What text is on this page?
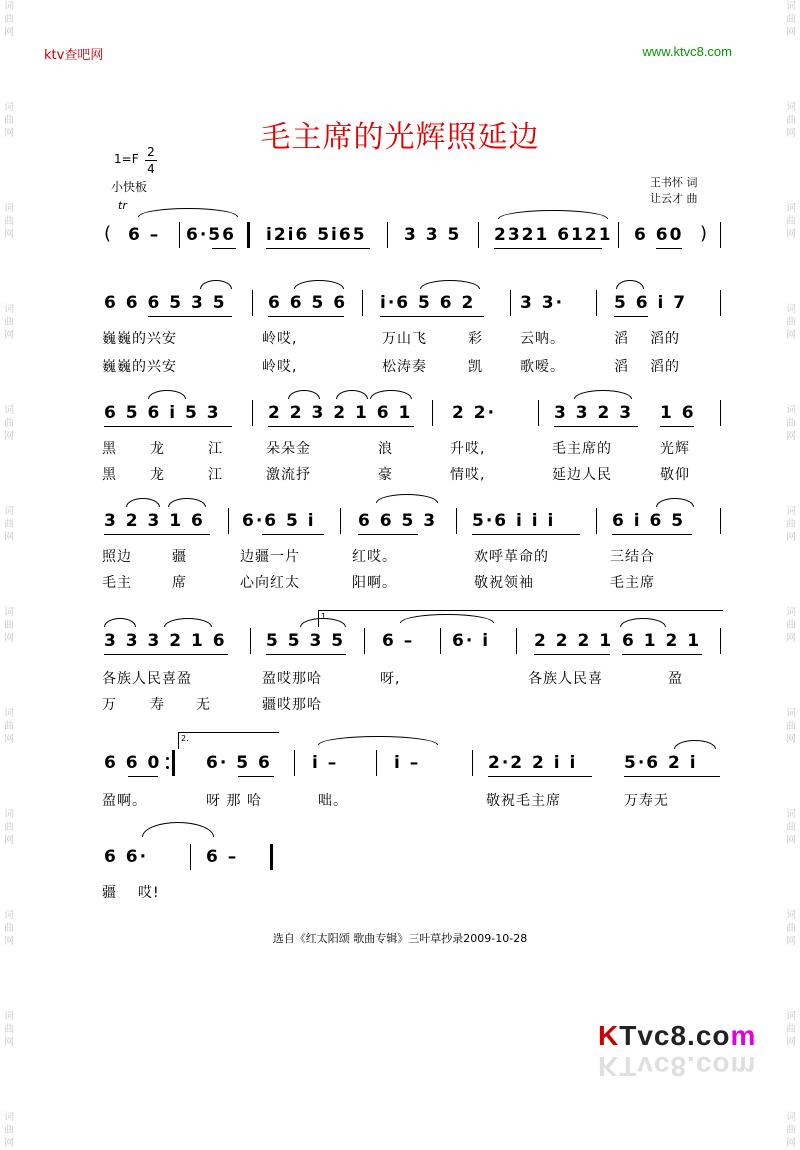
词
曲
网
词
曲
网
词
曲
网
词
曲
网
词
曲
网
词
曲
网
词
曲
网
词
曲
网
词
曲
网
词
曲
网
词
曲
网
词
曲
网
词
曲
网
词
曲
网
词
曲
网
词
曲
网
词
曲
网
词
曲
网
词
曲
网
词
曲
网
词
曲
网
词
曲
网
词
曲
网
词
曲
网
ktv查吧网	www.ktvc8.com
毛主席的光辉照延边
1=F 2
4
小快板	王书怀 词
让云才 曲
tr
( 6 – 6·56 i2i6 5i65 3 3 5 2321 6121 6 60 )
6 6 6 5 3 5 6 6 5 6 i·6 5 6 2	3 3·	5 6 i 7
巍巍的兴安	岭哎,	万山飞	彩	云呐。	滔 滔的
巍巍的兴安	岭哎,	松涛奏	凯	歌嗳。	滔 滔的
6 5 6 i 5 3	2 2 3 2 1 6 1 2 2·	3 3 2 3 1 6
黑 龙	江	朵朵金	浪	升哎,	毛主席的	光辉
黑 龙	江	激流抒	豪	情哎,	延边人民	敬仰
3 2 3 1 6 6·6 5 i 6 6 5 3 5·6 i i i	6 i 6 5
照边	疆	边疆一片	红哎。	欢呼革命的	三结合
毛主	席	心向红太	阳啊。	敬祝领袖	毛主席
1.
3 3 3 2 1 6 5 5 3 5 6 – 6· i	2 2 2 1 6 1 2 1
各族人民喜盈	盈哎那哈	呀,	各族人民喜	盈
万 寿 无	疆哎那哈
2.
6 6 0	6· 5 6 i –	i –	2·2 2 i i	5·6 2 i
盈啊。	呀 那 哈	咄。	敬祝毛主席	万寿无
6 6·	6 –
疆 哎!
选自《红太阳颂 歌曲专辑》三叶草抄录2009-10-28
KTvc8.com
KTvc8.com
